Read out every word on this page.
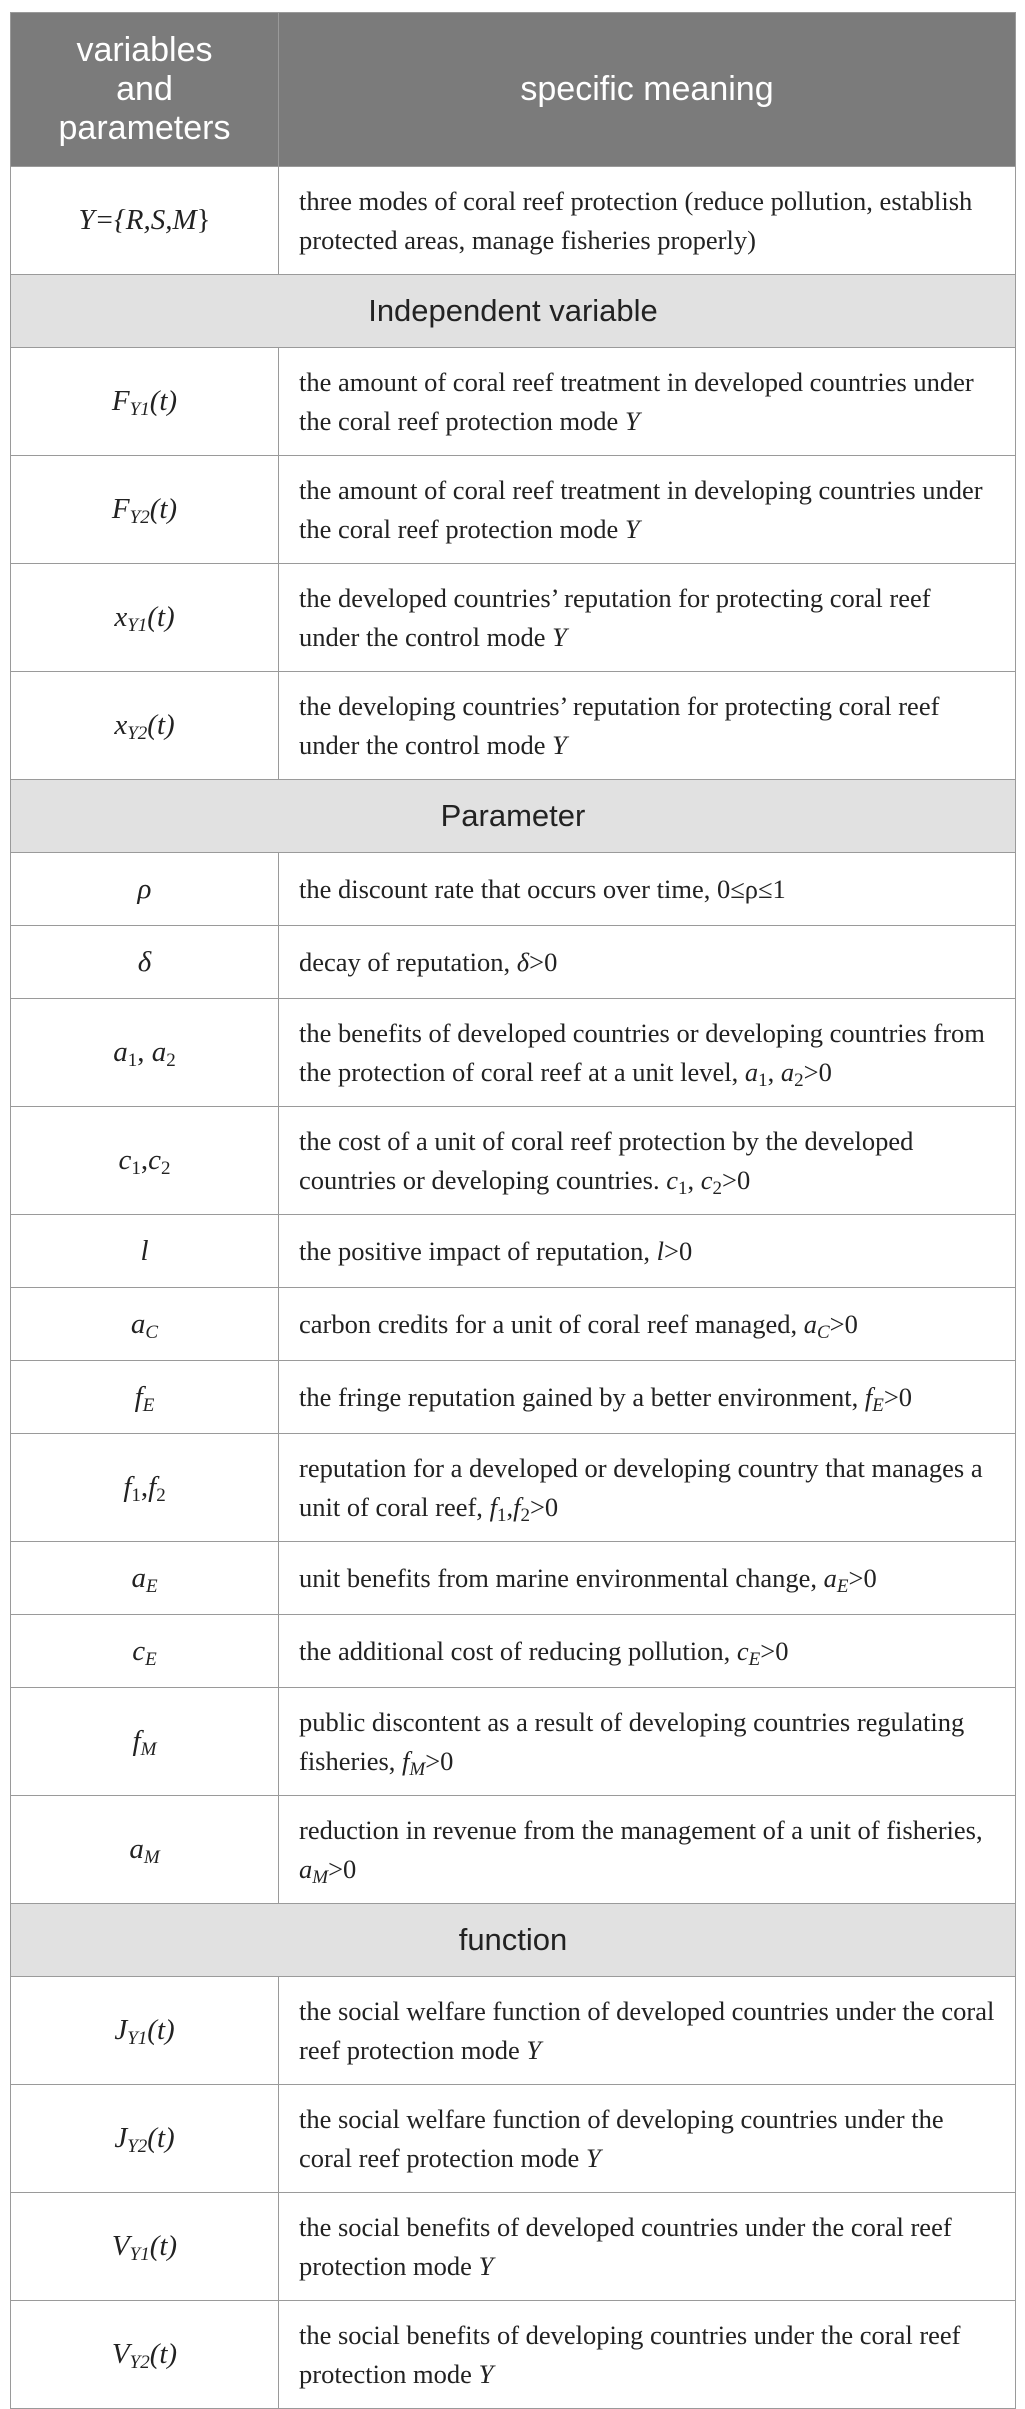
variables
and
parameters	specific meaning
Y={R,S,M}	three modes of coral reef protection (reduce pollution, establish protected areas, manage fisheries properly)
Independent variable	
$F_{Y1}(t)$	the amount of coral reef treatment in developed countries under the coral reef protection mode Y
$F_{Y2}(t)$	the amount of coral reef treatment in developing countries under the coral reef protection mode Y
$x_{Y1}(t)$	the developed countries’ reputation for protecting coral reef under the control mode Y
$x_{Y2}(t)$	the developing countries’ reputation for protecting coral reef under the control mode Y
Parameter	
ρ	the discount rate that occurs over time, 0≤ρ≤1
δ	decay of reputation, δ>0
$a_1$, $a_2$	the benefits of developed countries or developing countries from the protection of coral reef at a unit level, $a_1$, $a_2>0$
$c_1,c_2$	the cost of a unit of coral reef protection by the developed countries or developing countries. $c_1$, $c_2>0$
l	the positive impact of reputation, l>0
$a_C$	carbon credits for a unit of coral reef managed, $a_C>0$
$f_E$	the fringe reputation gained by a better environment, $f_E>0$
$f_1,f_2$	reputation for a developed or developing country that manages a unit of coral reef, $f_1,f_2>0$
$a_E$	unit benefits from marine environmental change, $a_E>0$
$c_E$	the additional cost of reducing pollution, $c_E>0$
$f_M$	public discontent as a result of developing countries regulating fisheries, $f_M>0$
$a_M$	reduction in revenue from the management of a unit of fisheries, $a_M>0$
function	
$J_{Y1}(t)$	the social welfare function of developed countries under the coral reef protection mode Y
$J_{Y2}(t)$	the social welfare function of developing countries under the coral reef protection mode Y
$V_{Y1}(t)$	the social benefits of developed countries under the coral reef protection mode Y
$V_{Y2}(t)$	the social benefits of developing countries under the coral reef protection mode Y
